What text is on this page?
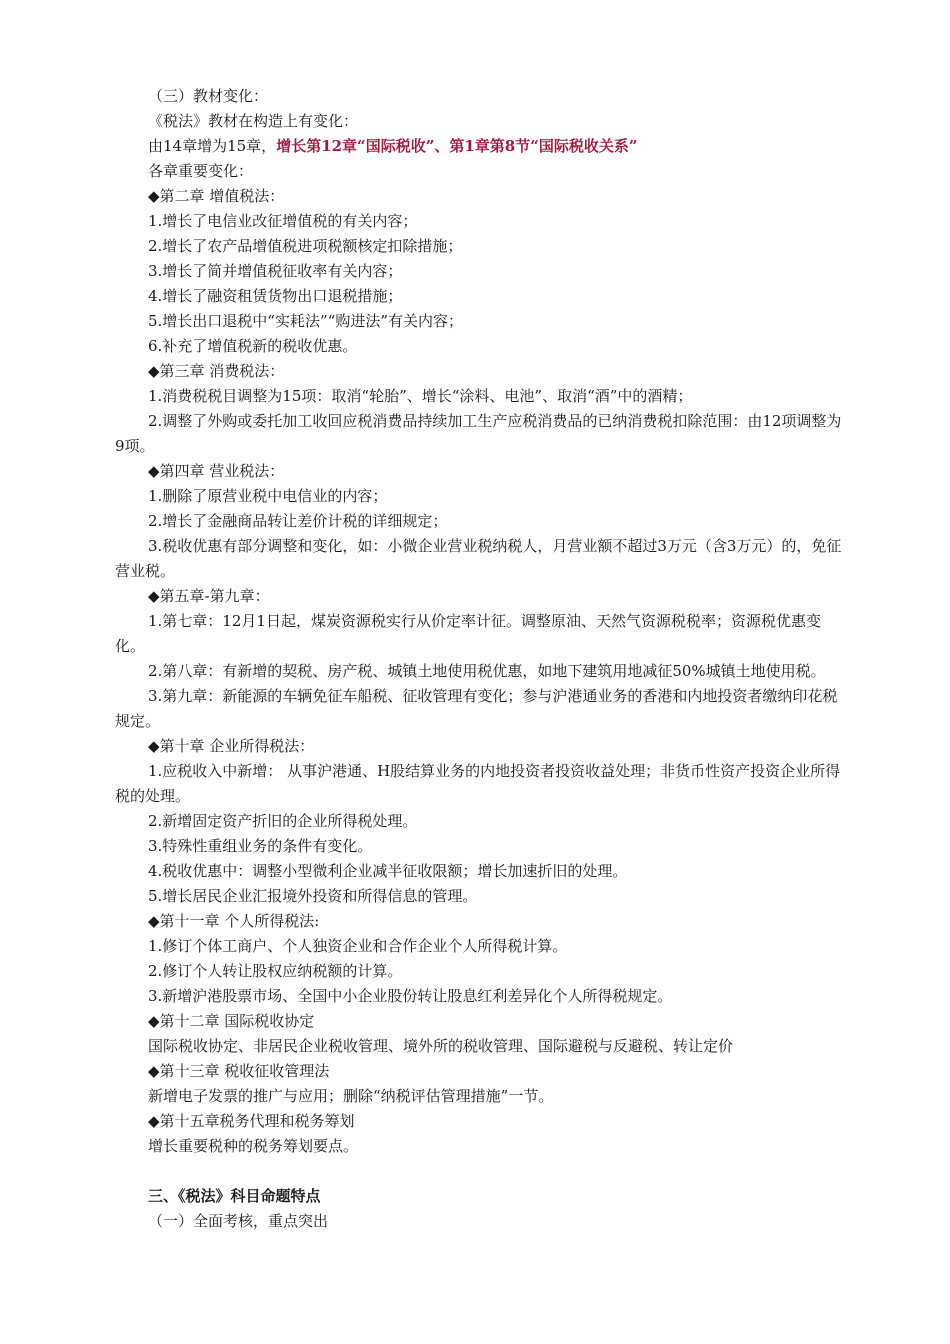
（三）教材变化：
《税法》教材在构造上有变化：
由14章增为15章，增长第12章“国际税收”、第1章第8节“国际税收关系”
各章重要变化：
◆第二章 增值税法：
1.增长了电信业改征增值税的有关内容；
2.增长了农产品增值税进项税额核定扣除措施；
3.增长了简并增值税征收率有关内容；
4.增长了融资租赁货物出口退税措施；
5.增长出口退税中“实耗法”“购进法”有关内容；
6.补充了增值税新的税收优惠。
◆第三章 消费税法：
1.消费税税目调整为15项：取消“轮胎”、增长“涂料、电池”、取消“酒”中的酒精；
2.调整了外购或委托加工收回应税消费品持续加工生产应税消费品的已纳消费税扣除范围：由12项调整为9项。
◆第四章 营业税法：
1.删除了原营业税中电信业的内容；
2.增长了金融商品转让差价计税的详细规定；
3.税收优惠有部分调整和变化，如：小微企业营业税纳税人，月营业额不超过3万元（含3万元）的，免征营业税。
◆第五章-第九章：
1.第七章：12月1日起，煤炭资源税实行从价定率计征。调整原油、天然气资源税税率；资源税优惠变化。
2.第八章：有新增的契税、房产税、城镇土地使用税优惠，如地下建筑用地减征50%城镇土地使用税。
3.第九章：新能源的车辆免征车船税、征收管理有变化；参与沪港通业务的香港和内地投资者缴纳印花税规定。
◆第十章 企业所得税法：
1.应税收入中新增： 从事沪港通、H股结算业务的内地投资者投资收益处理；非货币性资产投资企业所得税的处理。
2.新增固定资产折旧的企业所得税处理。
3.特殊性重组业务的条件有变化。
4.税收优惠中：调整小型微利企业减半征收限额；增长加速折旧的处理。
5.增长居民企业汇报境外投资和所得信息的管理。
◆第十一章 个人所得税法:
1.修订个体工商户、个人独资企业和合作企业个人所得税计算。
2.修订个人转让股权应纳税额的计算。
3.新增沪港股票市场、全国中小企业股份转让股息红利差异化个人所得税规定。
◆第十二章 国际税收协定
国际税收协定、非居民企业税收管理、境外所的税收管理、国际避税与反避税、转让定价
◆第十三章 税收征收管理法
新增电子发票的推广与应用；删除“纳税评估管理措施”一节。
◆第十五章税务代理和税务筹划
增长重要税种的税务筹划要点。
三、《税法》科目命题特点
（一）全面考核，重点突出
